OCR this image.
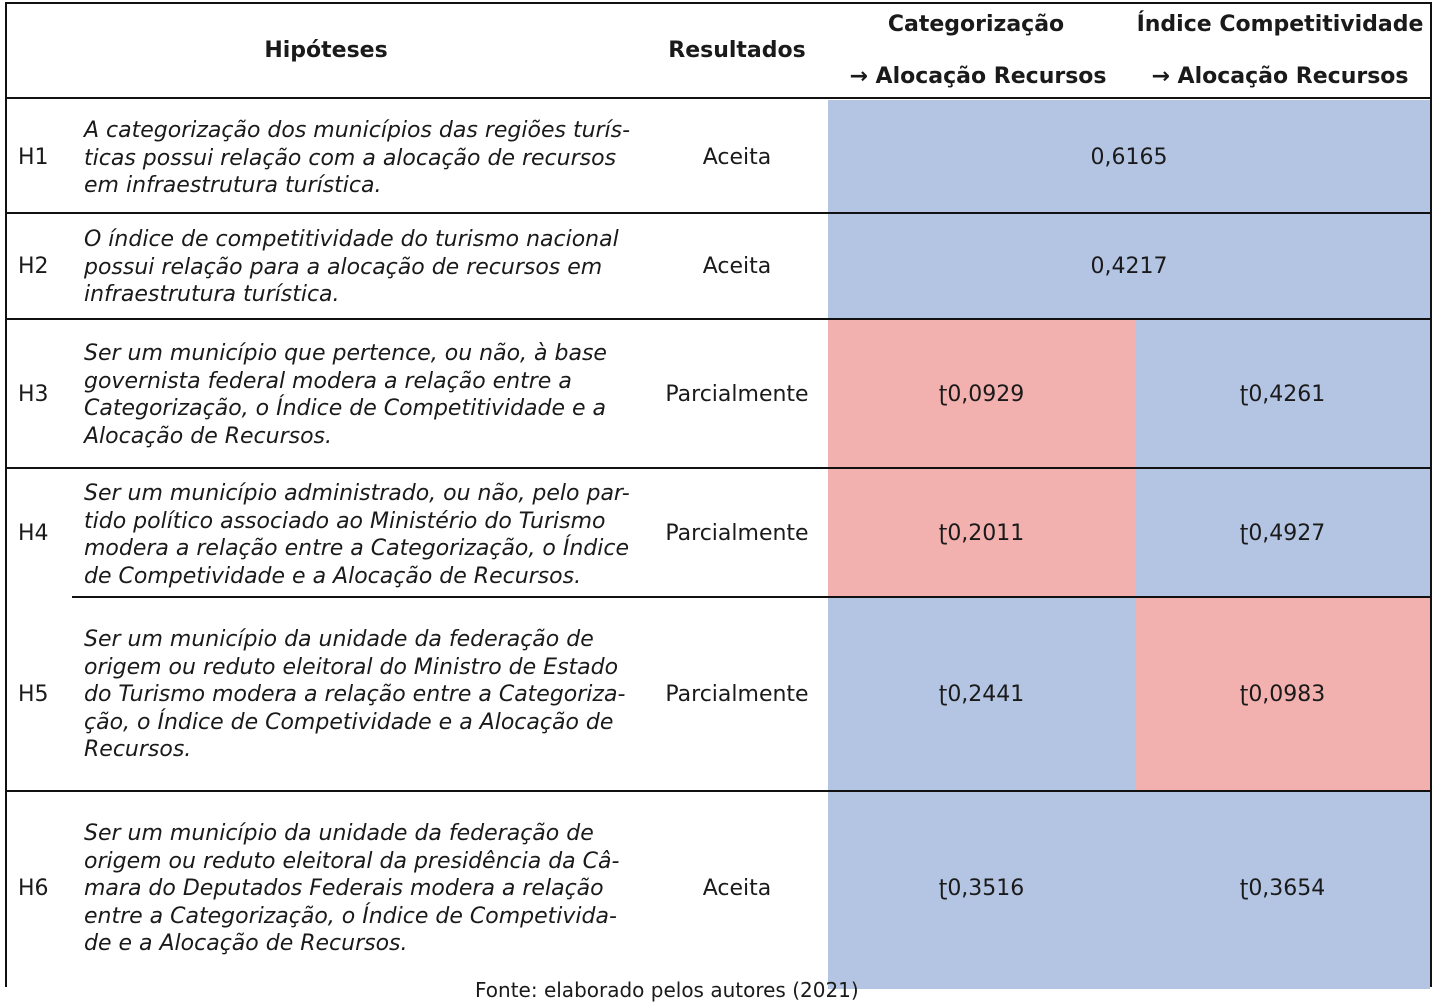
Hipóteses	Resultados
Categorização
→ Alocação Recursos
Índice Competitividade
→ Alocação Recursos
H1
A categorização dos municípios das regiões turís-
ticas possui relação com a alocação de recursos
em infraestrutura turística.
Aceita	0,6165
H2
O índice de competitividade do turismo nacional
possui relação para a alocação de recursos em
infraestrutura turística.
Aceita	0,4217
H3
Ser um município que pertence, ou não, à base
governista federal modera a relação entre a
Categorização, o Índice de Competitividade e a
Alocação de Recursos.
Parcialmente	ʈ0,0929	ʈ0,4261
H4
Ser um município administrado, ou não, pelo par-
tido político associado ao Ministério do Turismo
modera a relação entre a Categorização, o Índice
de Competividade e a Alocação de Recursos.
Parcialmente	ʈ0,2011	ʈ0,4927
H5
Ser um município da unidade da federação de
origem ou reduto eleitoral do Ministro de Estado
do Turismo modera a relação entre a Categoriza-
ção, o Índice de Competividade e a Alocação de
Recursos.
Parcialmente	ʈ0,2441	ʈ0,0983
H6
Ser um município da unidade da federação de
origem ou reduto eleitoral da presidência da Câ-
mara do Deputados Federais modera a relação
entre a Categorização, o Índice de Competivida-
de e a Alocação de Recursos.
Aceita	ʈ0,3516	ʈ0,3654
Fonte: elaborado pelos autores (2021)
